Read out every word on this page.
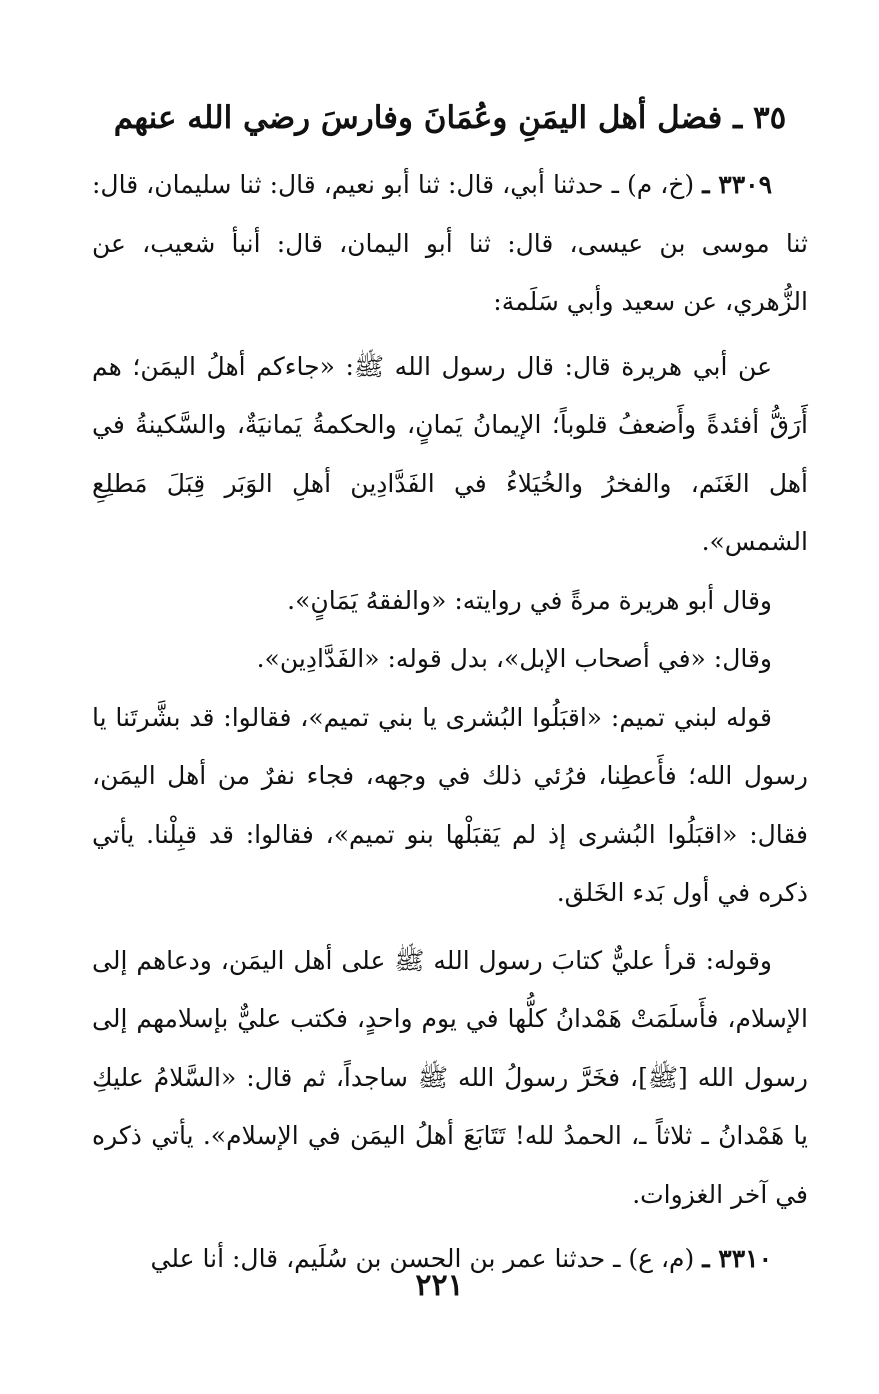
٣٥ ـ فضل أهل اليمَنِ وعُمَانَ وفارسَ رضي الله عنهم

٣٣٠٩ ـ (خ، م) ـ حدثنا أبي، قال: ثنا أبو نعيم، قال: ثنا سليمان، قال: ثنا موسى بن عيسى، قال: ثنا أبو اليمان، قال: أنبأ شعيب، عن الزُّهري، عن سعيد وأبي سَلَمة:

عن أبي هريرة قال: قال رسول الله ﷺ: «جاءكم أهلُ اليمَن؛ هم أَرَقُّ أفئدةً وأَضعفُ قلوباً؛ الإيمانُ يَمانٍ، والحكمةُ يَمانيَةٌ، والسَّكينةُ في أهل الغَنَم، والفخرُ والخُيَلاءُ في الفَدَّادِين أهلِ الوَبَر قِبَلَ مَطلِعِ الشمس».

وقال أبو هريرة مرةً في روايته: «والفقهُ يَمَانٍ».

وقال: «في أصحاب الإبل»، بدل قوله: «الفَدَّادِين».

قوله لبني تميم: «اقبَلُوا البُشرى يا بني تميم»، فقالوا: قد بشَّرتَنا يا رسول الله؛ فأَعطِنا، فرُئي ذلك في وجهه، فجاء نفرٌ من أهل اليمَن، فقال: «اقبَلُوا البُشرى إذ لم يَقبَلْها بنو تميم»، فقالوا: قد قبِلْنا. يأتي ذكره في أول بَدء الخَلق.

وقوله: قرأ عليٌّ كتابَ رسول الله ﷺ على أهل اليمَن، ودعاهم إلى الإسلام، فأَسلَمَتْ هَمْدانُ كلُّها في يوم واحدٍ، فكتب عليٌّ بإسلامهم إلى رسول الله [ﷺ]، فخَرَّ رسولُ الله ﷺ ساجداً، ثم قال: «السَّلامُ عليكِ يا هَمْدانُ ـ ثلاثاً ـ، الحمدُ لله! تَتَابَعَ أهلُ اليمَن في الإسلام». يأتي ذكره في آخر الغزوات.

٣٣١٠ ـ (م، ع) ـ حدثنا عمر بن الحسن بن سُلَيم، قال: أنا علي

٢٢١
